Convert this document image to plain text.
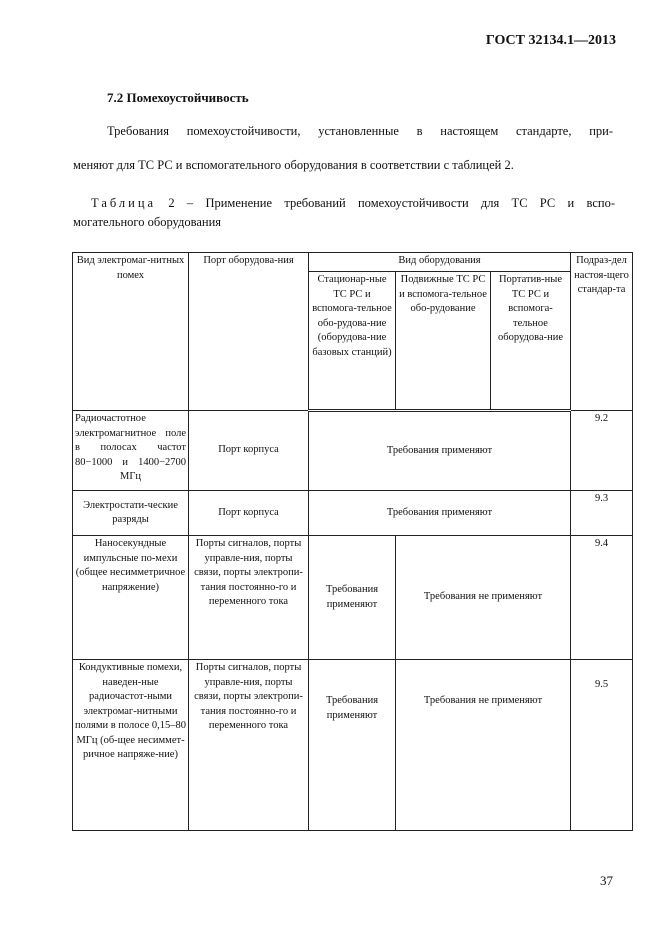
ГОСТ 32134.1—2013
7.2 Помехоустойчивость
Требования помехоустойчивости, установленные в настоящем стандарте, при-
меняют для ТС РС и вспомогательного оборудования в соответствии с таблицей 2.
Таблица 2 – Применение требований помехоустойчивости для ТС РС и вспо-
могательного оборудования
Вид электромаг-нитных помех	Порт оборудова-ния	Вид оборудования			Подраз-дел настоя-щего стандар-та
		Стационар-ные ТС РС и вспомога-тельное обо-рудова-ние (оборудова-ние базовых станций)	Подвижные ТС РС и вспомога-тельное обо-рудование	Портатив-ные ТС РС и вспомога-тельное оборудова-ние	
Радиочастотное электромагнитное поле в полосах частот 80−1000 и 1400−2700 МГц	Порт корпуса	Требования применяют			9.2
Электростати-ческие разряды	Порт корпуса	Требования применяют			9.3
Наносекундные импульсные по-мехи (общее несимметричное напряжение)	Порты сигналов, порты управле-ния, порты связи, порты электропи-тания постоянно-го и переменного тока	Требования применяют	Требования не применяют		9.4
Кондуктивные помехи, наведен-ные радиочастот-ными электромаг-нитными полями в полосе 0,15–80 МГц (об-щее несиммет-ричное напряже-ние)	Порты сигналов, порты управле-ния, порты связи, порты электропи-тания постоянно-го и переменного тока	Требования применяют	Требования не применяют		9.5
37
